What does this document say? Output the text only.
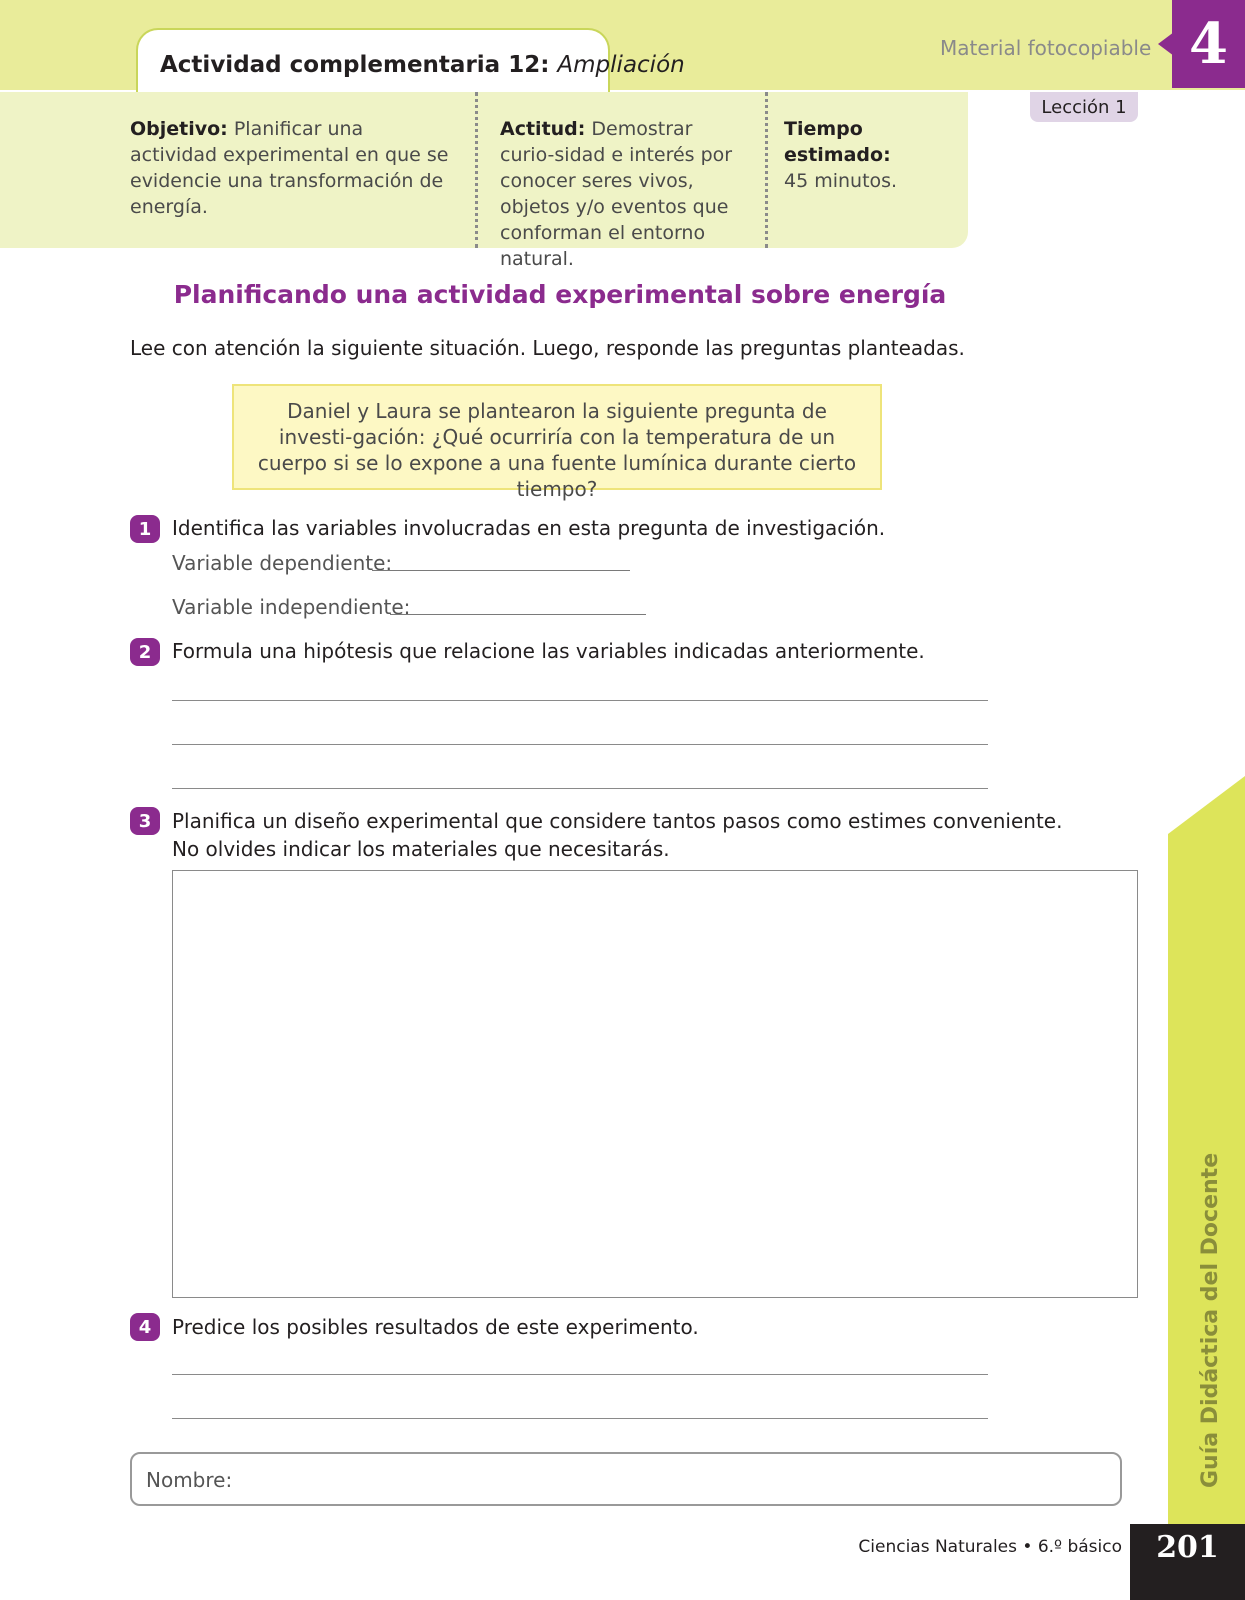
Actividad complementaria 12: Ampliación
Material fotocopiable 4
Lección 1
Objetivo: Planificar una actividad experimental en que se evidencie una transformación de energía.
Actitud: Demostrar curio-sidad e interés por conocer seres vivos, objetos y/o eventos que conforman el entorno natural.
Tiempo estimado:
45 minutos.
Planificando una actividad experimental sobre energía
Lee con atención la siguiente situación. Luego, responde las preguntas planteadas.
Daniel y Laura se plantearon la siguiente pregunta de investi-gación: ¿Qué ocurriría con la temperatura de un cuerpo si se lo expone a una fuente lumínica durante cierto tiempo?
1	Identifica las variables involucradas en esta pregunta de investigación.
Variable dependiente:
Variable independiente:
2	Formula una hipótesis que relacione las variables indicadas anteriormente.
3	Planifica un diseño experimental que considere tantos pasos como estimes conveniente.
No olvides indicar los materiales que necesitarás.
4	Predice los posibles resultados de este experimento.
Nombre:	Guía Didáctica del Docente
Ciencias Naturales • 6.º básico	201
